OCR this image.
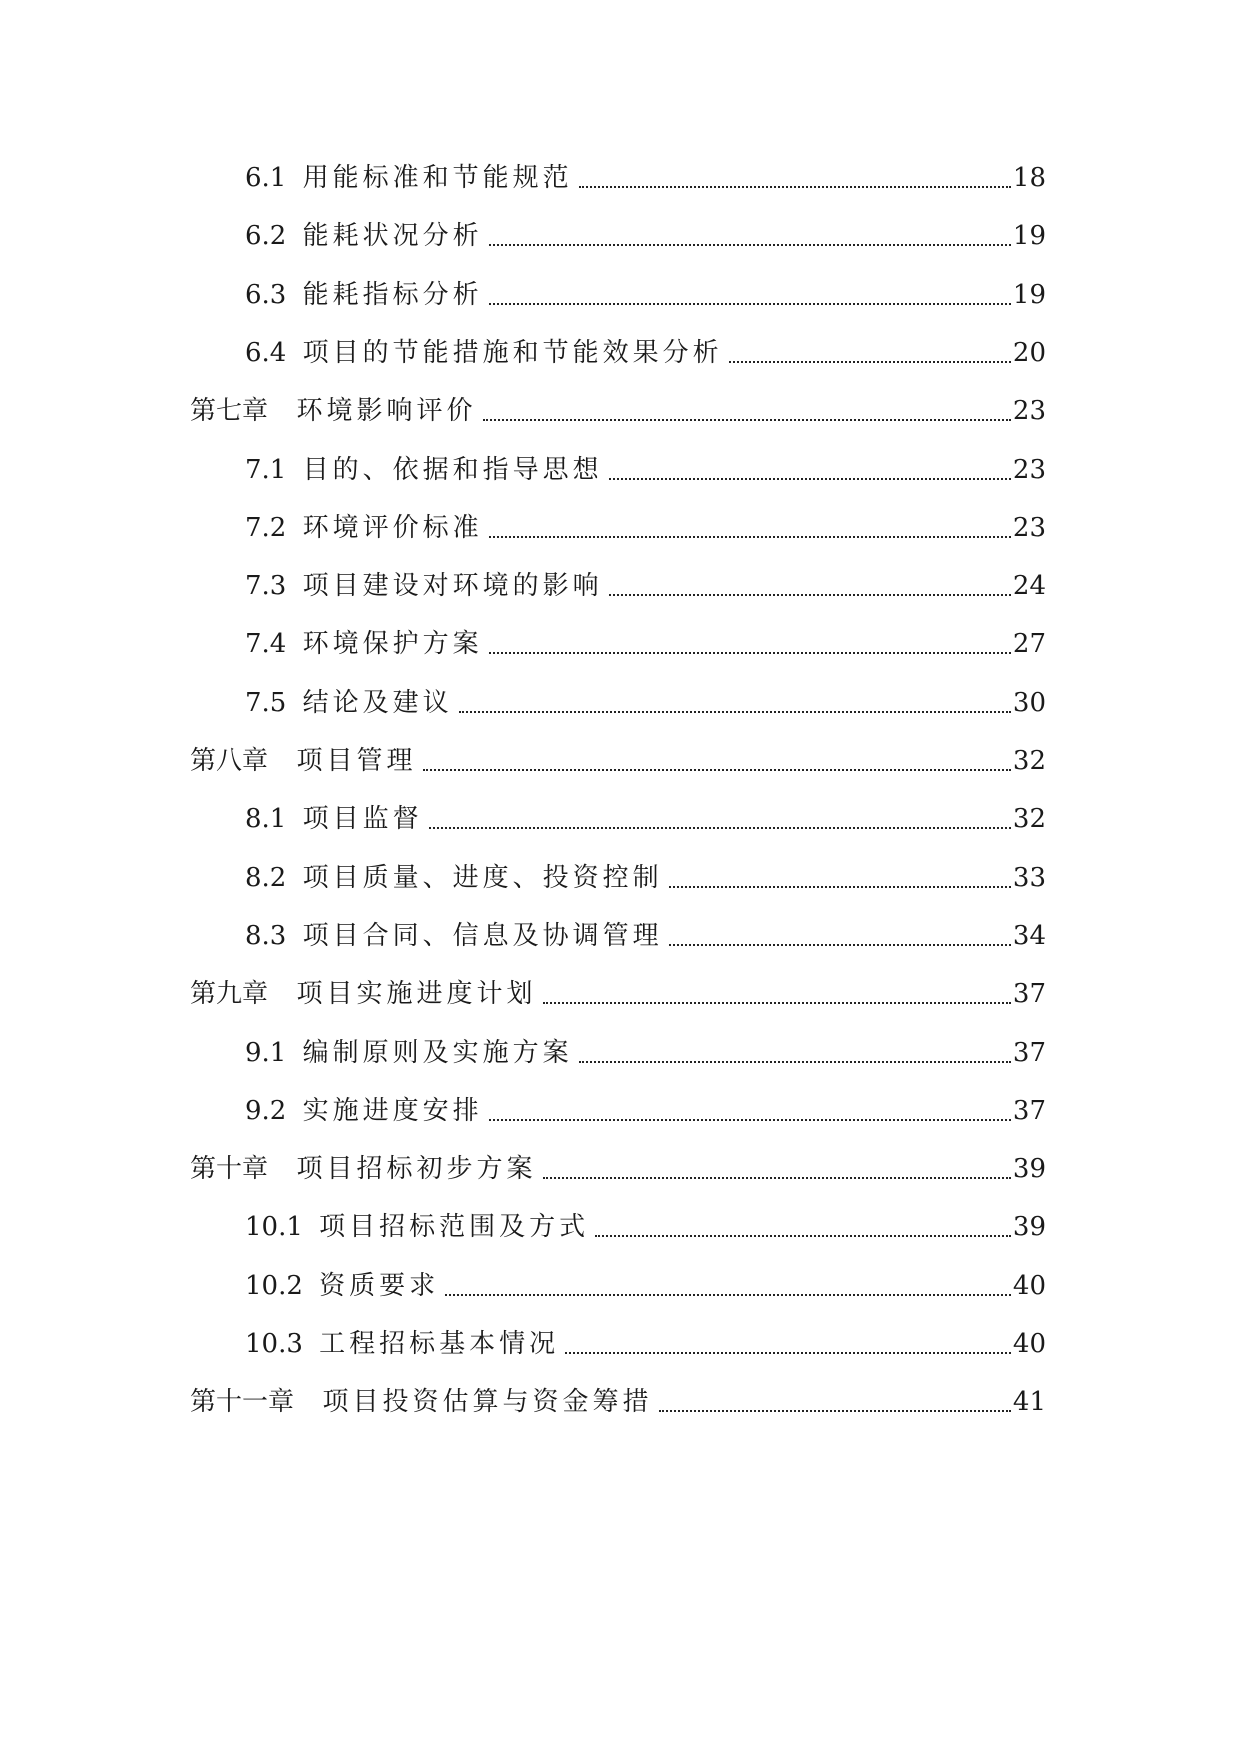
6.1 用能标准和节能规范	18
6.2 能耗状况分析	19
6.3 能耗指标分析	19
6.4 项目的节能措施和节能效果分析	20
第七章 环境影响评价	23
7.1 目的、依据和指导思想	23
7.2 环境评价标准	23
7.3 项目建设对环境的影响	24
7.4 环境保护方案	27
7.5 结论及建议	30
第八章 项目管理	32
8.1 项目监督	32
8.2 项目质量、进度、投资控制	33
8.3 项目合同、信息及协调管理	34
第九章 项目实施进度计划	37
9.1 编制原则及实施方案	37
9.2 实施进度安排	37
第十章 项目招标初步方案	39
10.1 项目招标范围及方式	39
10.2 资质要求	40
10.3 工程招标基本情况	40
第十一章 项目投资估算与资金筹措	41
